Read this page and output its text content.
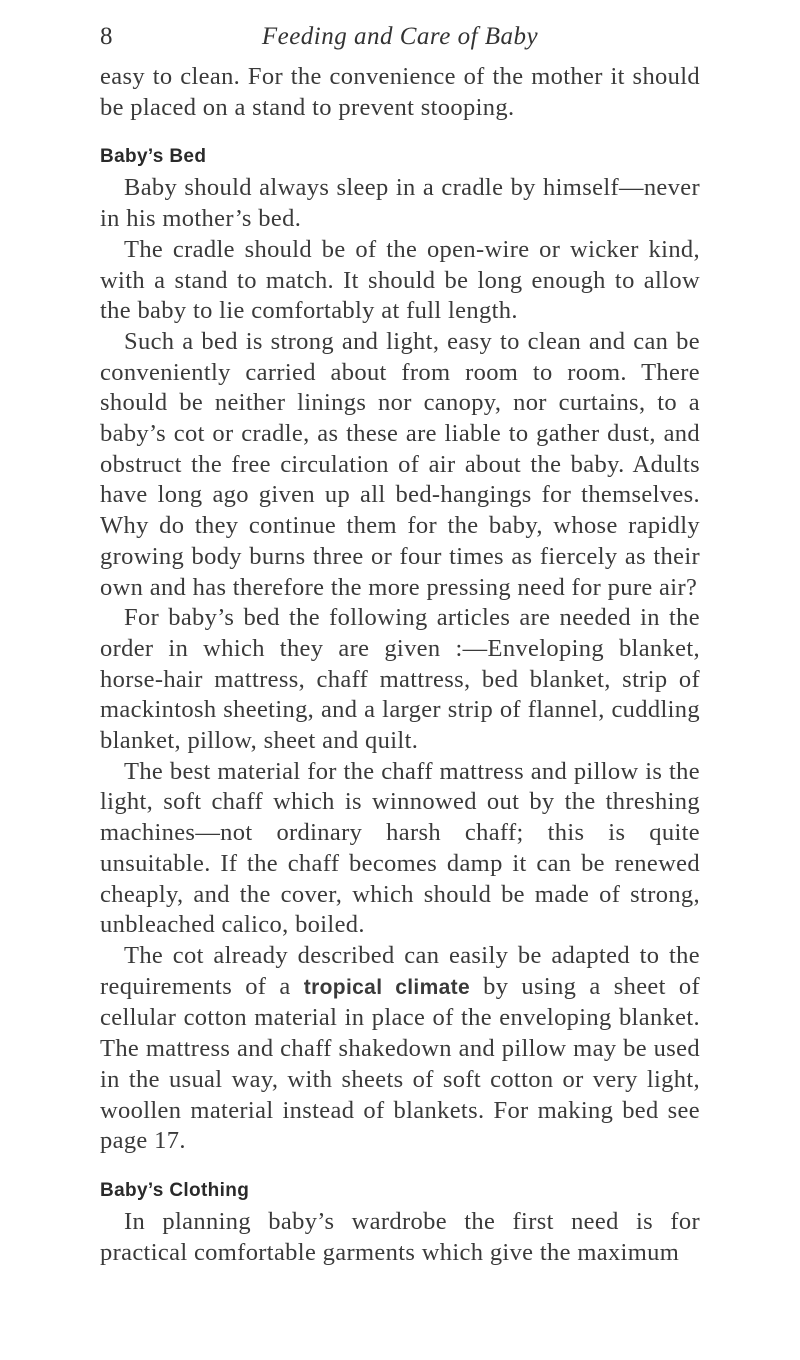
8	Feeding and Care of Baby

easy to clean. For the convenience of the mother it should be placed on a stand to prevent stooping.

Baby’s Bed

Baby should always sleep in a cradle by himself—never in his mother’s bed.

The cradle should be of the open-wire or wicker kind, with a stand to match. It should be long enough to allow the baby to lie comfortably at full length.

Such a bed is strong and light, easy to clean and can be conveniently carried about from room to room. There should be neither linings nor canopy, nor curtains, to a baby’s cot or cradle, as these are liable to gather dust, and obstruct the free circulation of air about the baby. Adults have long ago given up all bed-hangings for themselves. Why do they continue them for the baby, whose rapidly growing body burns three or four times as fiercely as their own and has therefore the more pressing need for pure air?

For baby’s bed the following articles are needed in the order in which they are given :—Enveloping blanket, horse-hair mattress, chaff mattress, bed blanket, strip of mackintosh sheeting, and a larger strip of flannel, cuddling blanket, pillow, sheet and quilt.

The best material for the chaff mattress and pillow is the light, soft chaff which is winnowed out by the threshing machines—not ordinary harsh chaff; this is quite unsuitable. If the chaff becomes damp it can be renewed cheaply, and the cover, which should be made of strong, unbleached calico, boiled.

The cot already described can easily be adapted to the requirements of a tropical climate by using a sheet of cellular cotton material in place of the enveloping blanket. The mattress and chaff shakedown and pillow may be used in the usual way, with sheets of soft cotton or very light, woollen material instead of blankets. For making bed see page 17.

Baby’s Clothing

In planning baby’s wardrobe the first need is for practical comfortable garments which give the maximum
